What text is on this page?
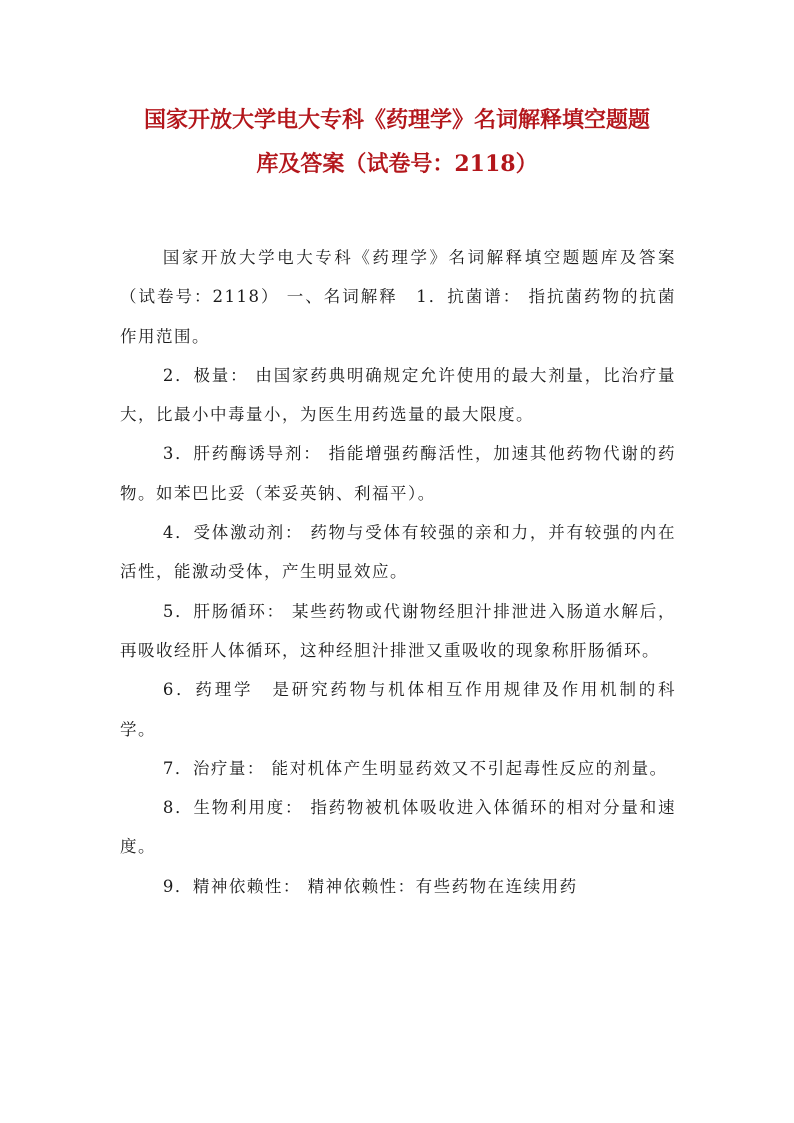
国家开放大学电大专科《药理学》名词解释填空题题
库及答案（试卷号：2118）

国家开放大学电大专科《药理学》名词解释填空题题库及答案（试卷号：2118） 一、名词解释　1．抗菌谱： 指抗菌药物的抗菌作用范围。

2．极量： 由国家药典明确规定允许使用的最大剂量，比治疗量大，比最小中毒量小，为医生用药选量的最大限度。

3．肝药酶诱导剂： 指能增强药酶活性，加速其他药物代谢的药物。如苯巴比妥（苯妥英钠、利福平）。

4．受体激动剂： 药物与受体有较强的亲和力，并有较强的内在活性，能激动受体，产生明显效应。

5．肝肠循环： 某些药物或代谢物经胆汁排泄进入肠道水解后，再吸收经肝人体循环，这种经胆汁排泄又重吸收的现象称肝肠循环。

6．药理学　是研究药物与机体相互作用规律及作用机制的科学。

7．治疗量： 能对机体产生明显药效又不引起毒性反应的剂量。

8．生物利用度： 指药物被机体吸收进入体循环的相对分量和速度。

9．精神依赖性： 精神依赖性：有些药物在连续用药
